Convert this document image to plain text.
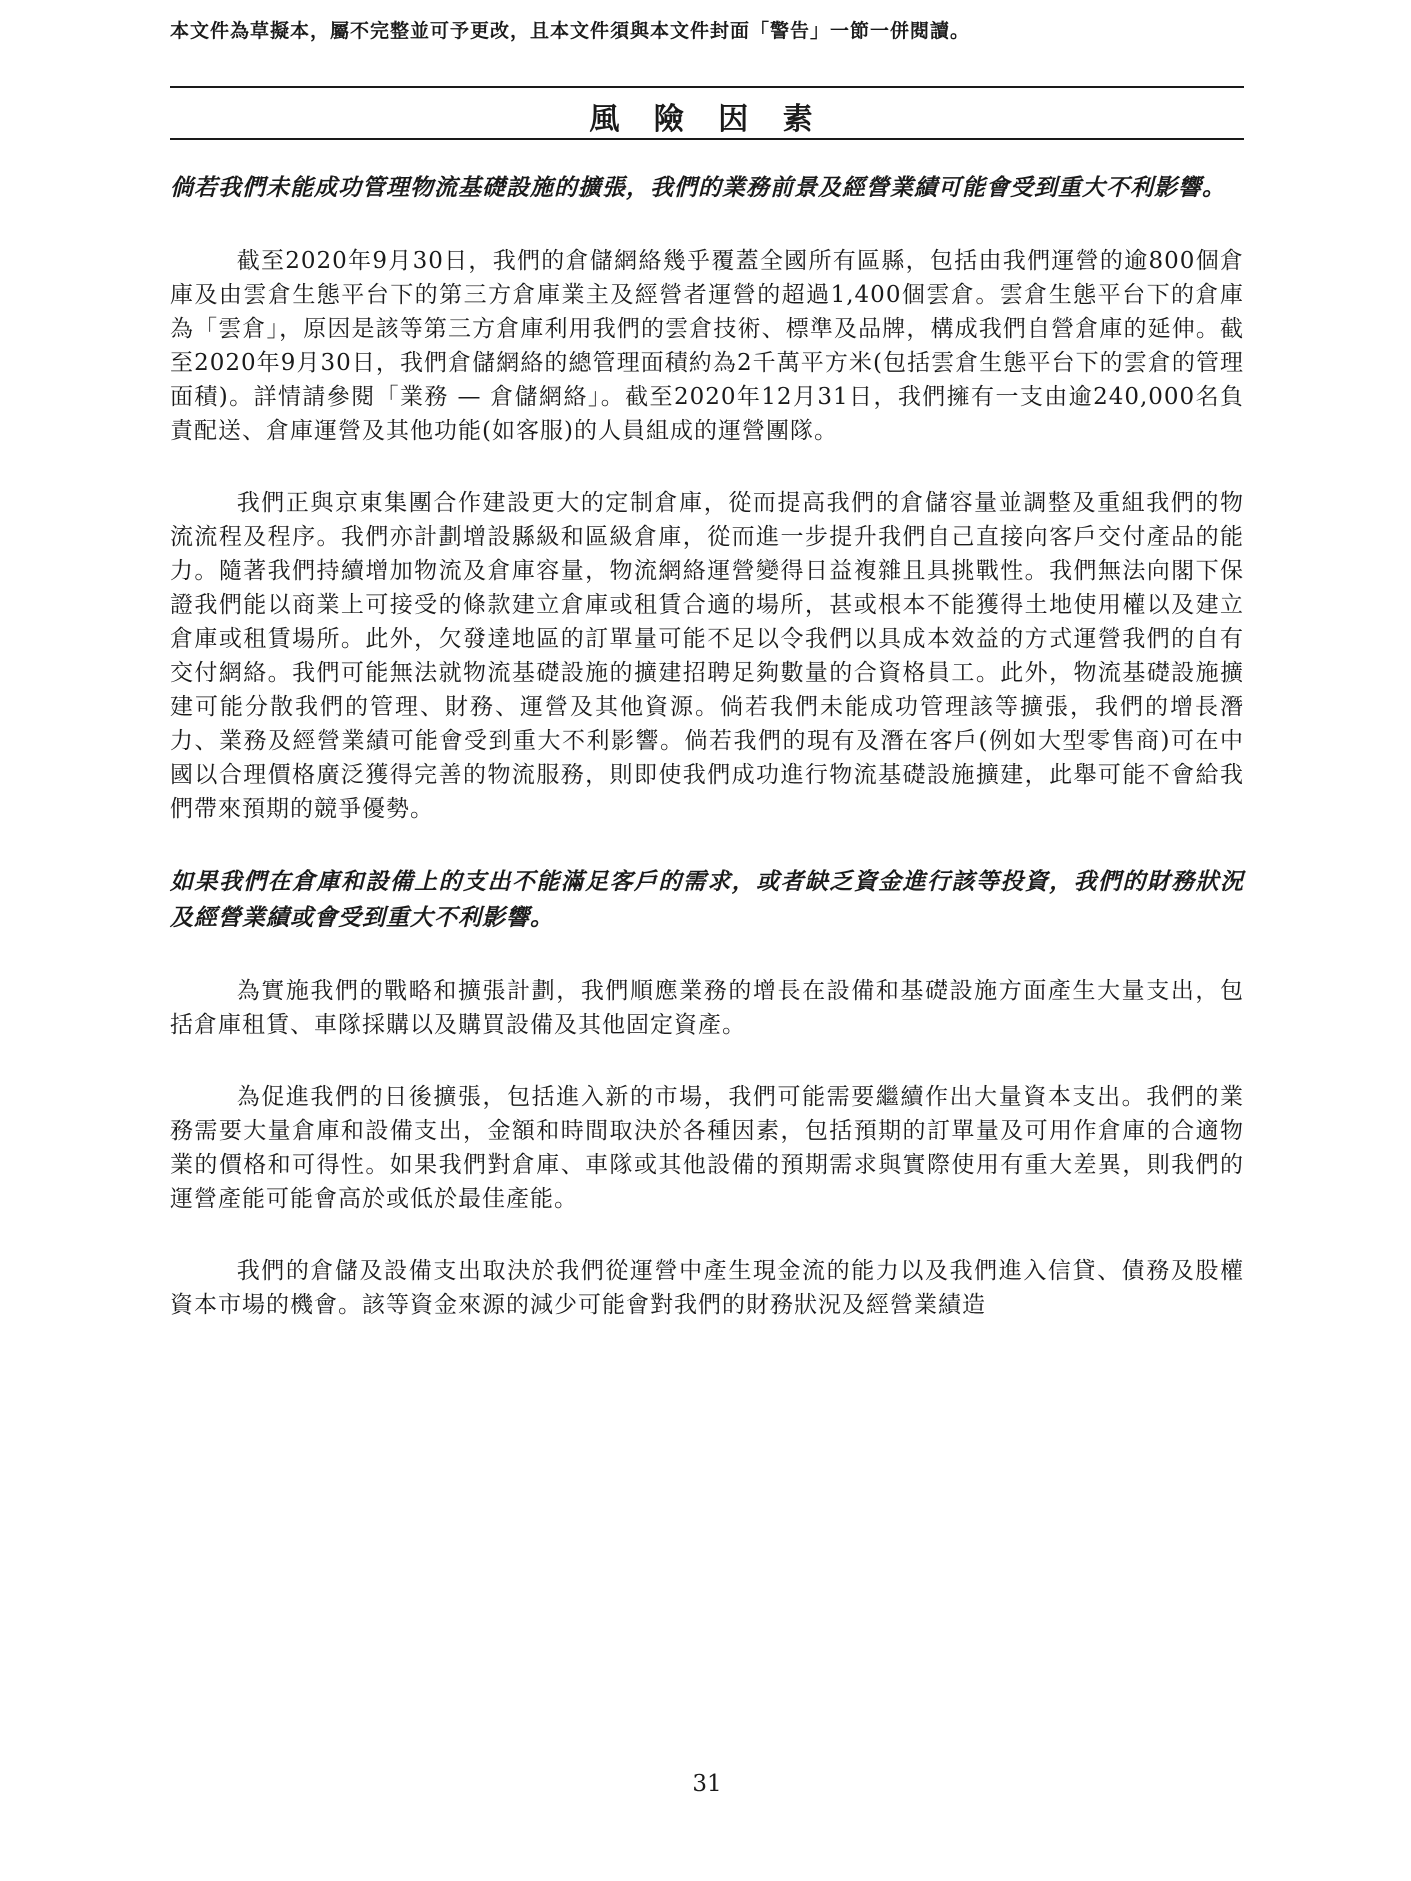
本文件為草擬本，屬不完整並可予更改，且本文件須與本文件封面「警告」一節一併閱讀。
風 險 因 素
倘若我們未能成功管理物流基礎設施的擴張，我們的業務前景及經營業績可能會受到重大不利影響。
截至2020年9月30日，我們的倉儲網絡幾乎覆蓋全國所有區縣，包括由我們運營的逾800個倉庫及由雲倉生態平台下的第三方倉庫業主及經營者運營的超過1,400個雲倉。雲倉生態平台下的倉庫為「雲倉」，原因是該等第三方倉庫利用我們的雲倉技術、標準及品牌，構成我們自營倉庫的延伸。截至2020年9月30日，我們倉儲網絡的總管理面積約為2千萬平方米(包括雲倉生態平台下的雲倉的管理面積)。詳情請參閱「業務 — 倉儲網絡」。截至2020年12月31日，我們擁有一支由逾240,000名負責配送、倉庫運營及其他功能(如客服)的人員組成的運營團隊。
我們正與京東集團合作建設更大的定制倉庫，從而提高我們的倉儲容量並調整及重組我們的物流流程及程序。我們亦計劃增設縣級和區級倉庫，從而進一步提升我們自己直接向客戶交付產品的能力。隨著我們持續增加物流及倉庫容量，物流網絡運營變得日益複雜且具挑戰性。我們無法向閣下保證我們能以商業上可接受的條款建立倉庫或租賃合適的場所，甚或根本不能獲得土地使用權以及建立倉庫或租賃場所。此外，欠發達地區的訂單量可能不足以令我們以具成本效益的方式運營我們的自有交付網絡。我們可能無法就物流基礎設施的擴建招聘足夠數量的合資格員工。此外，物流基礎設施擴建可能分散我們的管理、財務、運營及其他資源。倘若我們未能成功管理該等擴張，我們的增長潛力、業務及經營業績可能會受到重大不利影響。倘若我們的現有及潛在客戶(例如大型零售商)可在中國以合理價格廣泛獲得完善的物流服務，則即使我們成功進行物流基礎設施擴建，此舉可能不會給我們帶來預期的競爭優勢。
如果我們在倉庫和設備上的支出不能滿足客戶的需求，或者缺乏資金進行該等投資，我們的財務狀況及經營業績或會受到重大不利影響。
為實施我們的戰略和擴張計劃，我們順應業務的增長在設備和基礎設施方面產生大量支出，包括倉庫租賃、車隊採購以及購買設備及其他固定資產。
為促進我們的日後擴張，包括進入新的市場，我們可能需要繼續作出大量資本支出。我們的業務需要大量倉庫和設備支出，金額和時間取決於各種因素，包括預期的訂單量及可用作倉庫的合適物業的價格和可得性。如果我們對倉庫、車隊或其他設備的預期需求與實際使用有重大差異，則我們的運營產能可能會高於或低於最佳產能。
我們的倉儲及設備支出取決於我們從運營中產生現金流的能力以及我們進入信貸、債務及股權資本市場的機會。該等資金來源的減少可能會對我們的財務狀況及經營業績造
31
